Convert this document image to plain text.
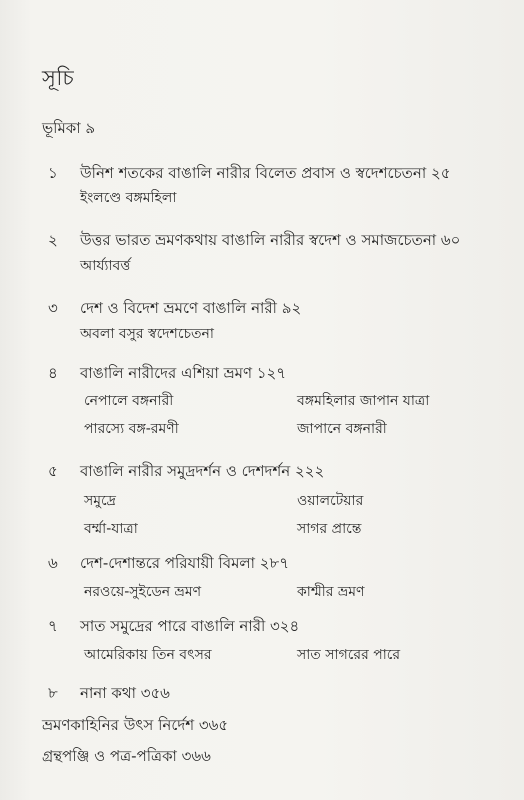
সূচি
ভূমিকা ৯
১ উনিশ শতকের বাঙালি নারীর বিলেত প্রবাস ও স্বদেশচেতনা ২৫
ইংলণ্ডে বঙ্গমহিলা
২ উত্তর ভারত ভ্রমণকথায় বাঙালি নারীর স্বদেশ ও সমাজচেতনা ৬০
আর্য্যাবর্ত্ত
৩ দেশ ও বিদেশ ভ্রমণে বাঙালি নারী ৯২
অবলা বসুর স্বদেশচেতনা
৪ বাঙালি নারীদের এশিয়া ভ্রমণ ১২৭
নেপালে বঙ্গনারী	বঙ্গমহিলার জাপান যাত্রা
পারস্যে বঙ্গ-রমণী	জাপানে বঙ্গনারী
৫ বাঙালি নারীর সমুদ্রদর্শন ও দেশদর্শন ২২২
সমুদ্রে	ওয়ালটেয়ার
বর্ম্মা-যাত্রা	সাগর প্রান্তে
৬ দেশ-দেশান্তরে পরিযায়ী বিমলা ২৮৭
নরওয়ে-সুইডেন ভ্রমণ	কাশ্মীর ভ্রমণ
৭ সাত সমুদ্রের পারে বাঙালি নারী ৩২৪
আমেরিকায় তিন বৎসর	সাত সাগরের পারে
৮ নানা কথা ৩৫৬
ভ্রমণকাহিনির উৎস নির্দেশ ৩৬৫
গ্রন্থপঞ্জি ও পত্র-পত্রিকা ৩৬৬
